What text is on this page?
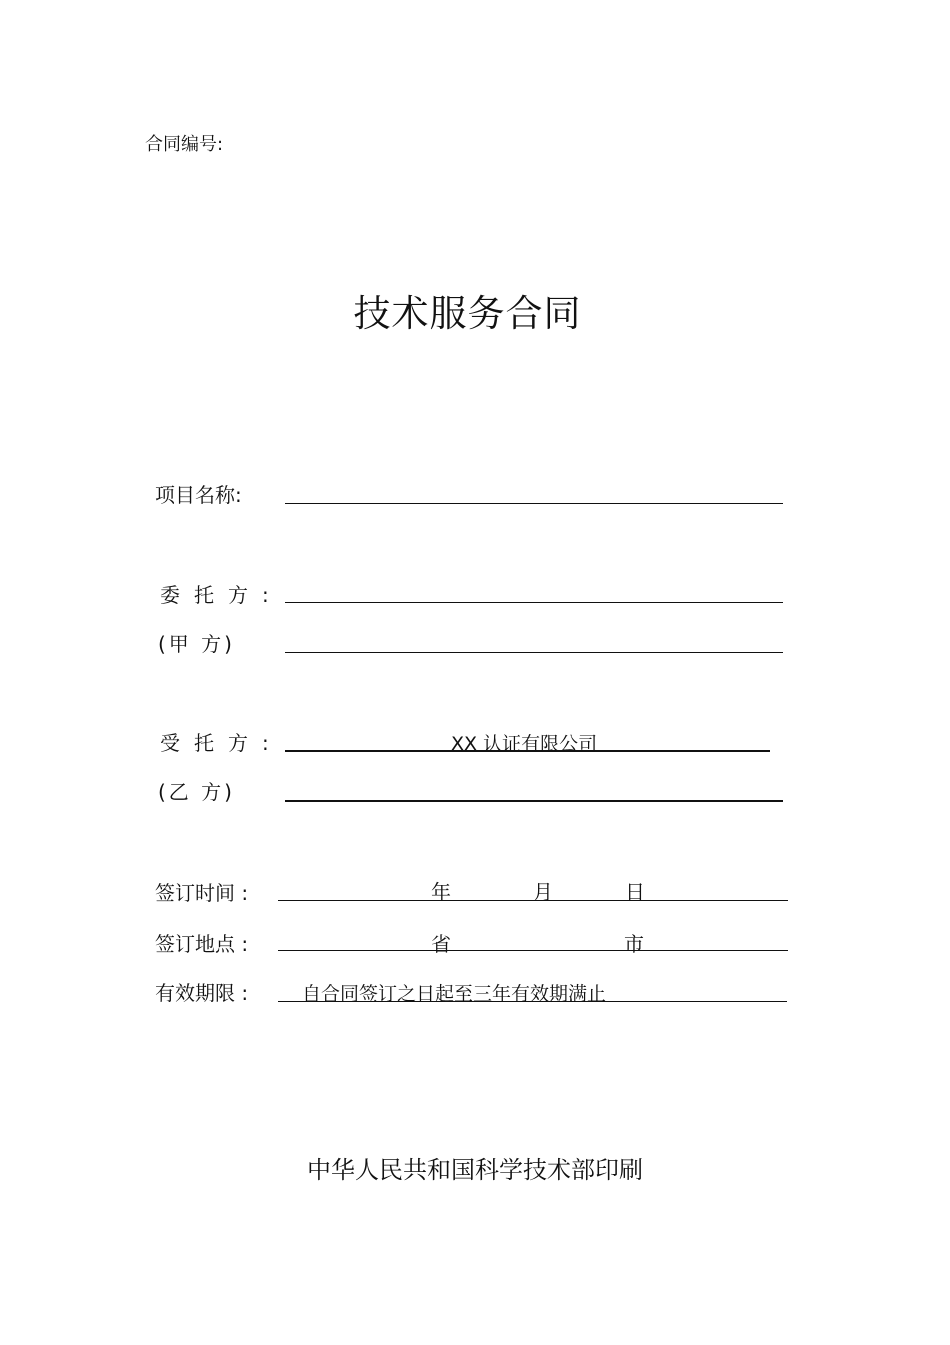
合同编号:
技术服务合同
项目名称:
委托方:
(甲 方)
受托方:	XX 认证有限公司
(乙 方)
签订时间 :	年	月	日
签订地点 :	省	市
有效期限 :	自合同签订之日起至三年有效期满止
中华人民共和国科学技术部印刷
